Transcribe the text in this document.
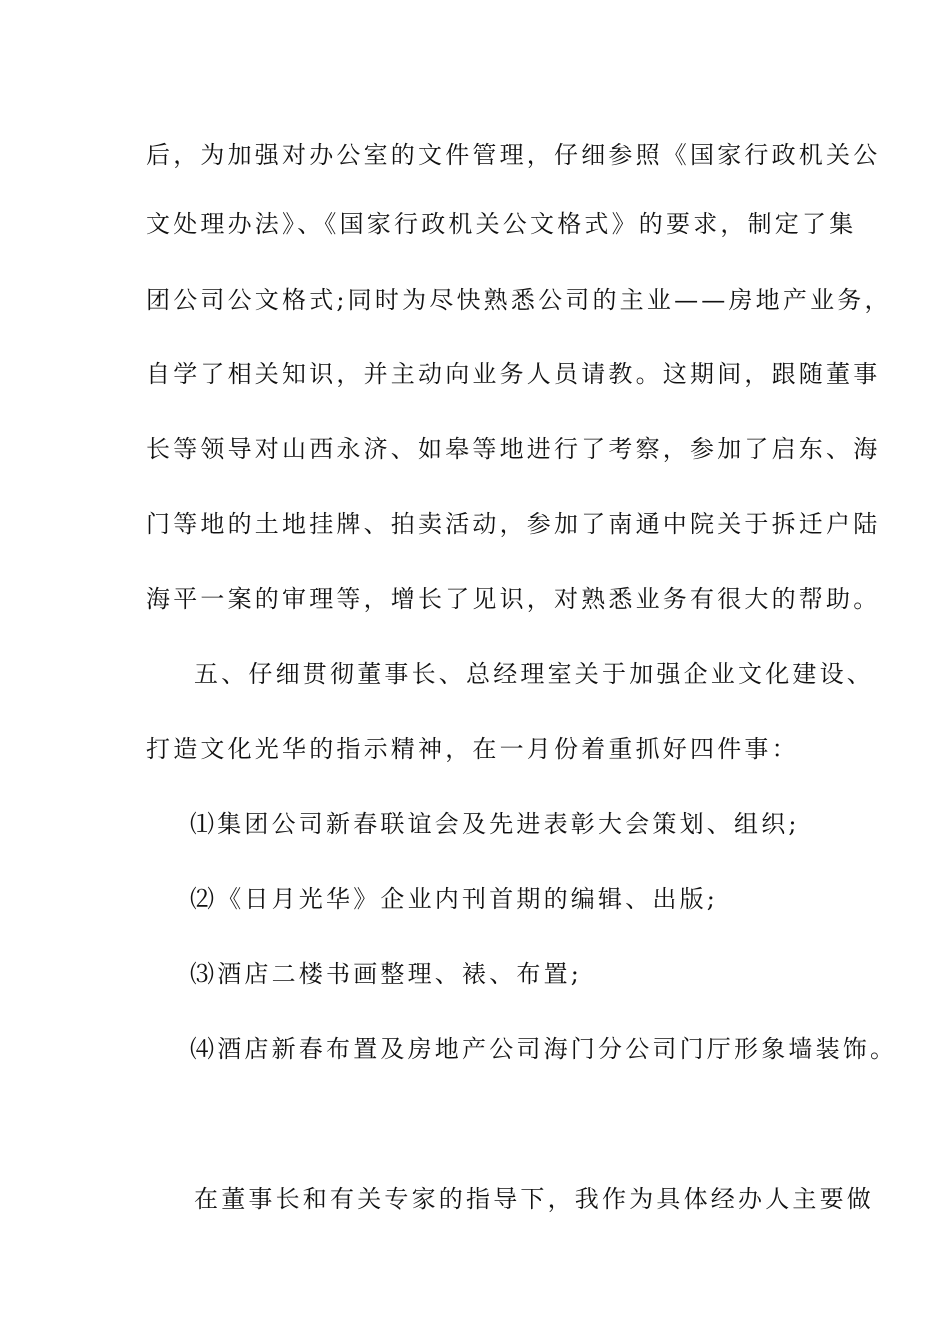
后，为加强对办公室的文件管理，仔细参照《国家行政机关公
文处理办法》、《国家行政机关公文格式》的要求，制定了集
团公司公文格式;同时为尽快熟悉公司的主业——房地产业务，
自学了相关知识，并主动向业务人员请教。这期间，跟随董事
长等领导对山西永济、如皋等地进行了考察，参加了启东、海
门等地的土地挂牌、拍卖活动，参加了南通中院关于拆迁户陆
海平一案的审理等，增长了见识，对熟悉业务有很大的帮助。
五、仔细贯彻董事长、总经理室关于加强企业文化建设、
打造文化光华的指示精神，在一月份着重抓好四件事：
⑴集团公司新春联谊会及先进表彰大会策划、组织;
⑵《日月光华》企业内刊首期的编辑、出版;
⑶酒店二楼书画整理、裱、布置;
⑷酒店新春布置及房地产公司海门分公司门厅形象墙装饰。
在董事长和有关专家的指导下，我作为具体经办人主要做
